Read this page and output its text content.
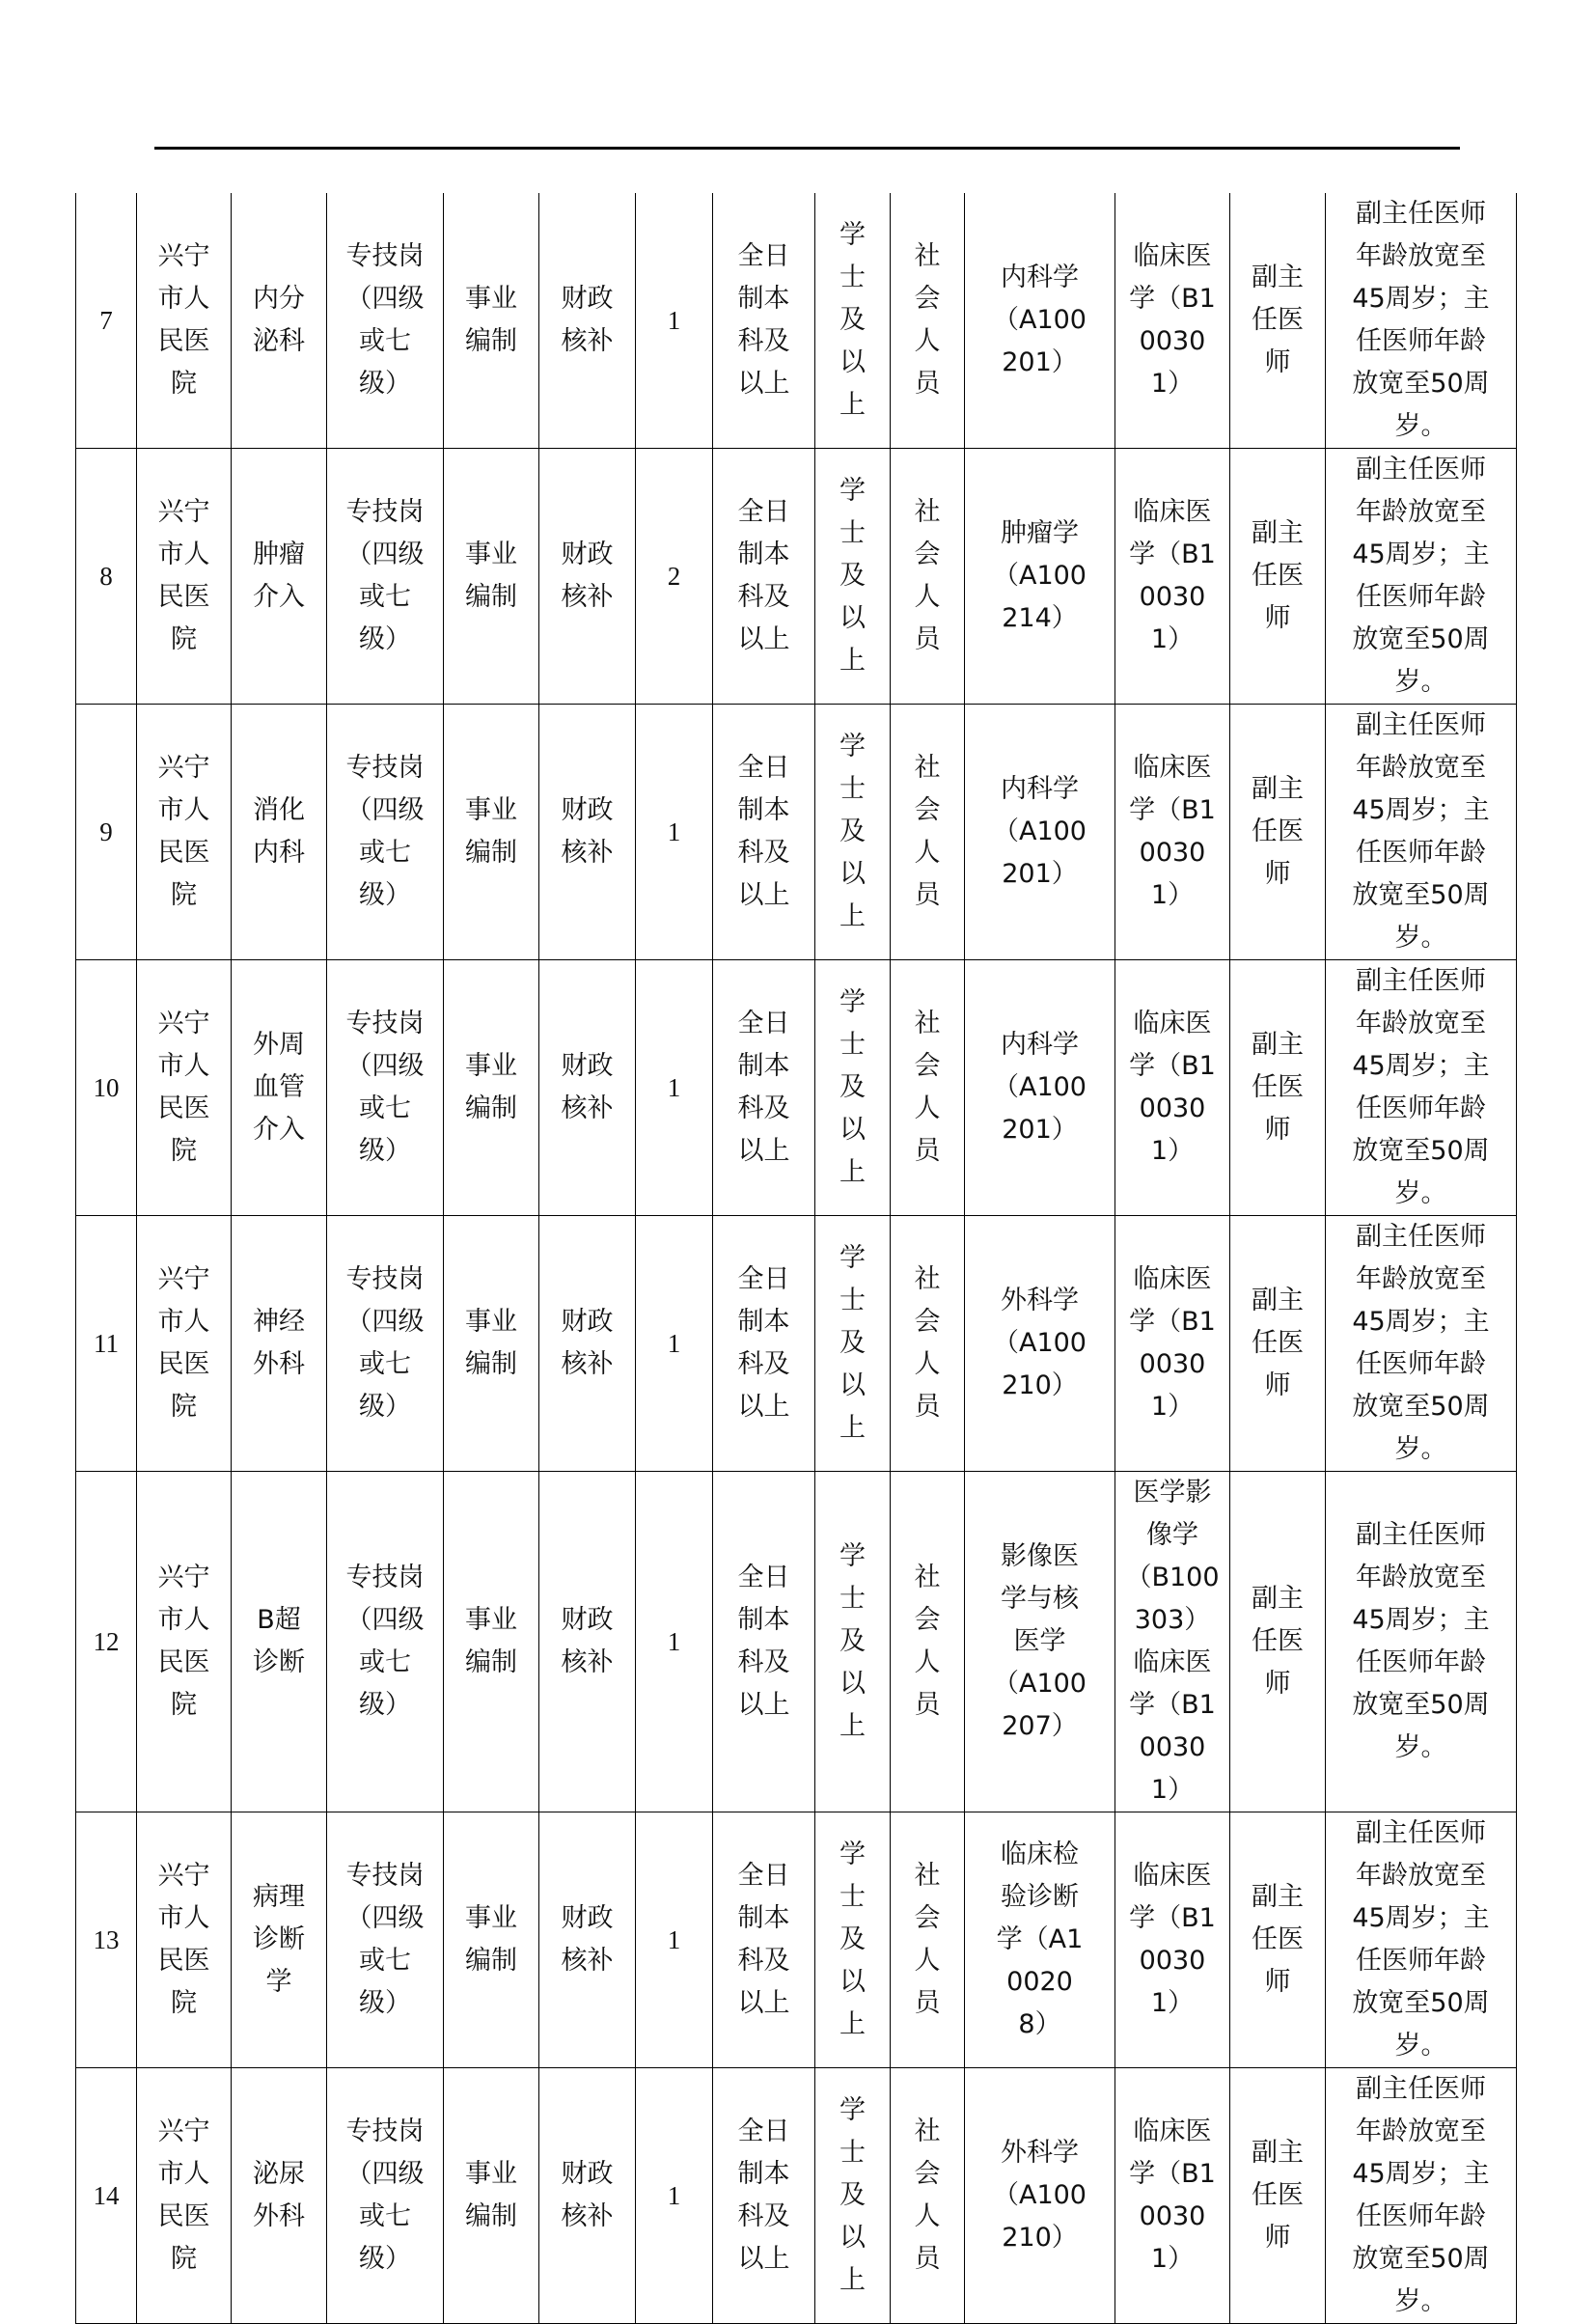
7	兴宁市人民医院	内分泌科	专技岗（四级或七级）	事业编制	财政核补	1	全日制本科及以上	学士及以上	社会人员	内科学（A100201）	临床医学（B100301）	副主任医师	副主任医师年龄放宽至45周岁；主任医师年龄放宽至50周岁。

8	兴宁市人民医院	肿瘤介入	专技岗（四级或七级）	事业编制	财政核补	2	全日制本科及以上	学士及以上	社会人员	肿瘤学（A100214）	临床医学（B100301）	副主任医师	副主任医师年龄放宽至45周岁；主任医师年龄放宽至50周岁。

9	兴宁市人民医院	消化内科	专技岗（四级或七级）	事业编制	财政核补	1	全日制本科及以上	学士及以上	社会人员	内科学（A100201）	临床医学（B100301）	副主任医师	副主任医师年龄放宽至45周岁；主任医师年龄放宽至50周岁。

10	兴宁市人民医院	外周血管介入	专技岗（四级或七级）	事业编制	财政核补	1	全日制本科及以上	学士及以上	社会人员	内科学（A100201）	临床医学（B100301）	副主任医师	副主任医师年龄放宽至45周岁；主任医师年龄放宽至50周岁。

11	兴宁市人民医院	神经外科	专技岗（四级或七级）	事业编制	财政核补	1	全日制本科及以上	学士及以上	社会人员	外科学（A100210）	临床医学（B100301）	副主任医师	副主任医师年龄放宽至45周岁；主任医师年龄放宽至50周岁。

12	兴宁市人民医院	B超诊断	专技岗（四级或七级）	事业编制	财政核补	1	全日制本科及以上	学士及以上	社会人员	影像医学与核医学（A100207）	医学影像学（B100303）临床医学（B100301）	副主任医师	副主任医师年龄放宽至45周岁；主任医师年龄放宽至50周岁。

13	兴宁市人民医院	病理诊断学	专技岗（四级或七级）	事业编制	财政核补	1	全日制本科及以上	学士及以上	社会人员	临床检验诊断学（A100208）	临床医学（B100301）	副主任医师	副主任医师年龄放宽至45周岁；主任医师年龄放宽至50周岁。

14	兴宁市人民医院	泌尿外科	专技岗（四级或七级）	事业编制	财政核补	1	全日制本科及以上	学士及以上	社会人员	外科学（A100210）	临床医学（B100301）	副主任医师	副主任医师年龄放宽至45周岁；主任医师年龄放宽至50周岁。
